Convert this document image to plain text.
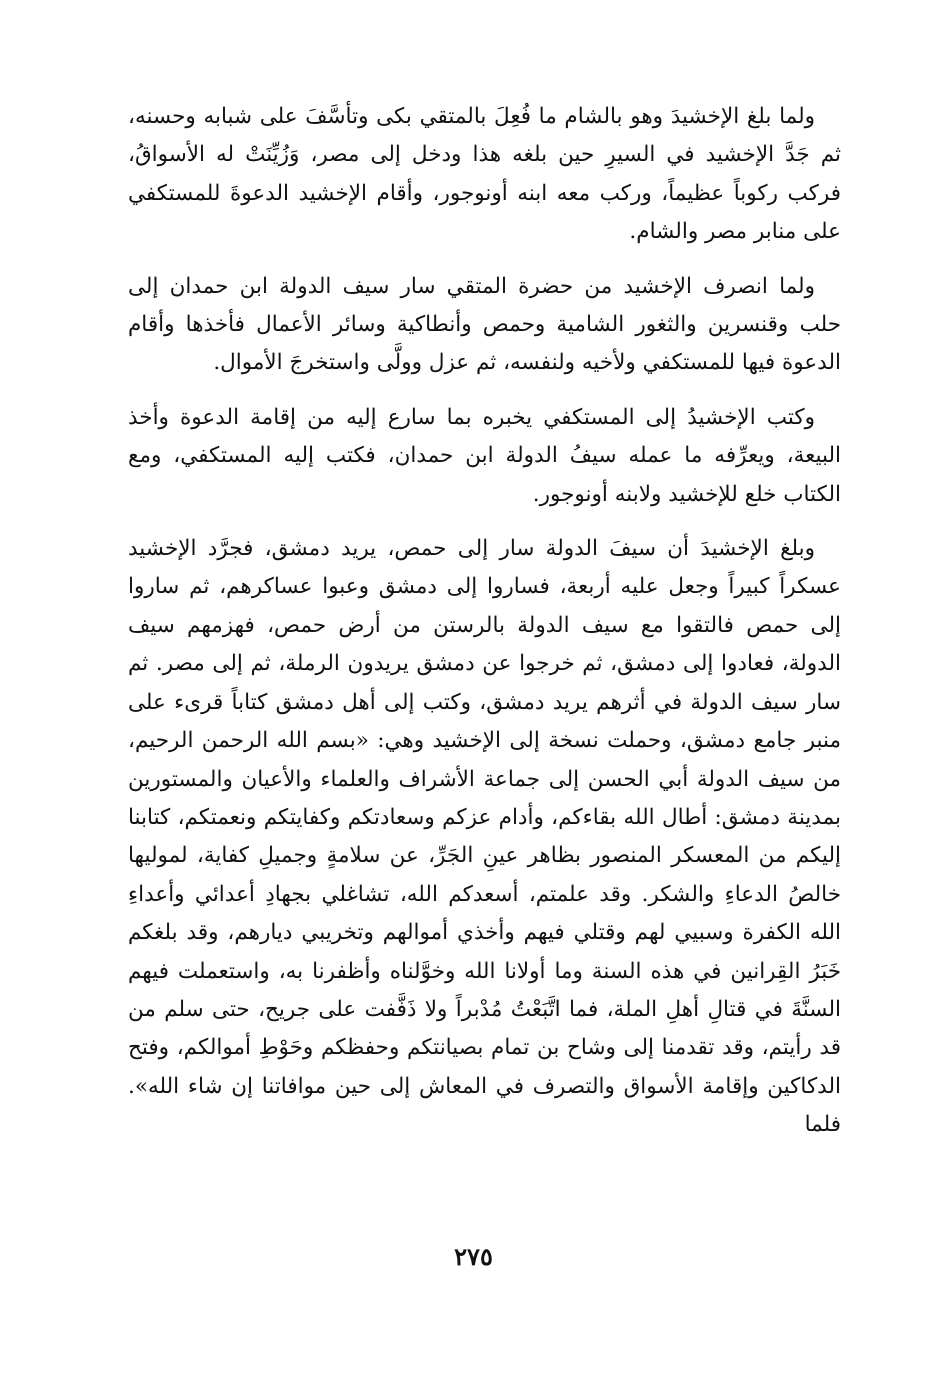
ولما بلغ الإخشيدَ وهو بالشام ما فُعِلَ بالمتقي بكى وتأسَّفَ على شبابه وحسنه، ثم جَدَّ الإخشيد في السيرِ حين بلغه هذا ودخل إلى مصر، وَزُيِّنَتْ له الأسواقُ، فركب ركوباً عظيماً، وركب معه ابنه أونوجور، وأقام الإخشيد الدعوةَ للمستكفي على منابر مصر والشام.

ولما انصرف الإخشيد من حضرة المتقي سار سيف الدولة ابن حمدان إلى حلب وقنسرين والثغور الشامية وحمص وأنطاكية وسائر الأعمال فأخذها وأقام الدعوة فيها للمستكفي ولأخيه ولنفسه، ثم عزل وولَّى واستخرجَ الأموال.

وكتب الإخشيدُ إلى المستكفي يخبره بما سارع إليه من إقامة الدعوة وأخذ البيعة، ويعرِّفه ما عمله سيفُ الدولة ابن حمدان، فكتب إليه المستكفي، ومع الكتاب خلع للإخشيد ولابنه أونوجور.

وبلغ الإخشيدَ أن سيفَ الدولة سار إلى حمص، يريد دمشق، فجرَّد الإخشيد عسكراً كبيراً وجعل عليه أربعة، فساروا إلى دمشق وعبوا عساكرهم، ثم ساروا إلى حمص فالتقوا مع سيف الدولة بالرستن من أرض حمص، فهزمهم سيف الدولة، فعادوا إلى دمشق، ثم خرجوا عن دمشق يريدون الرملة، ثم إلى مصر. ثم سار سيف الدولة في أثرهم يريد دمشق، وكتب إلى أهل دمشق كتاباً قرىء على منبر جامع دمشق، وحملت نسخة إلى الإخشيد وهي: «بسم الله الرحمن الرحيم، من سيف الدولة أبي الحسن إلى جماعة الأشراف والعلماء والأعيان والمستورين بمدينة دمشق: أطال الله بقاءكم، وأدام عزكم وسعادتكم وكفايتكم ونعمتكم، كتابنا إليكم من المعسكر المنصور بظاهر عينِ الجَرِّ، عن سلامةٍ وجميلِ كفاية، لموليها خالصُ الدعاءِ والشكر. وقد علمتم، أسعدكم الله، تشاغلي بجهادِ أعدائي وأعداءِ الله الكفرة وسبيي لهم وقتلي فيهم وأخذي أموالهم وتخريبي ديارهم، وقد بلغكم خَبَرُ القِرانين في هذه السنة وما أولانا الله وخوَّلناه وأظفرنا به، واستعملت فيهم السنَّةَ في قتالِ أهلِ الملة، فما اتَّبَعْتُ مُدْبراً ولا ذَفَّفت على جريح، حتى سلم من قد رأيتم، وقد تقدمنا إلى وشاح بن تمام بصيانتكم وحفظكم وحَوْطِ أموالكم، وفتح الدكاكين وإقامة الأسواق والتصرف في المعاش إلى حين موافاتنا إن شاء الله». فلما

٢٧٥
